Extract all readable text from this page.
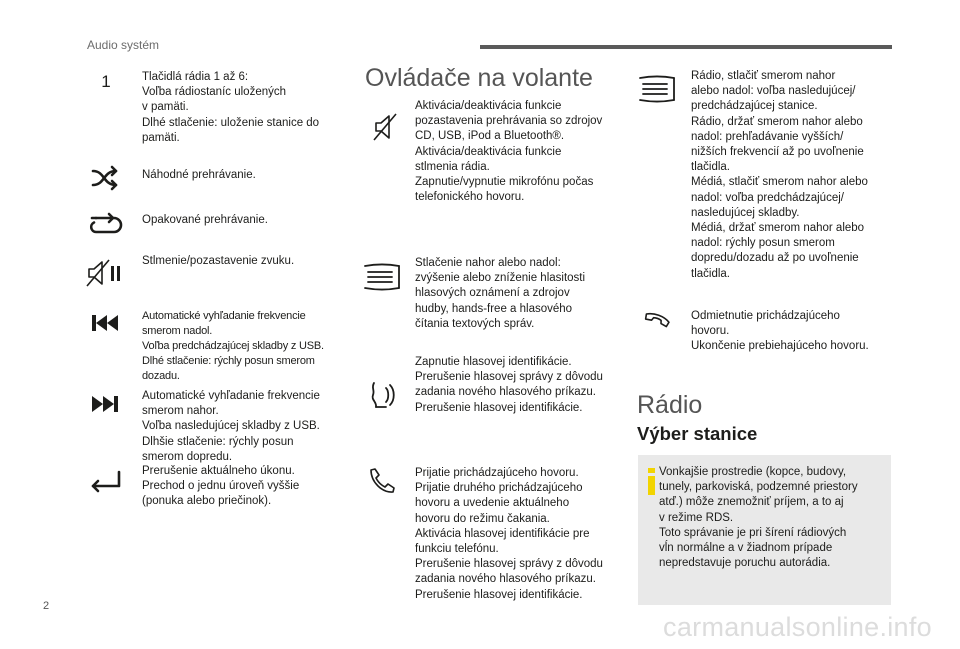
Audio systém
2
carmanualsonline.info
1	Tlačidlá rádia 1 až 6:
Voľba rádiostaníc uložených
v pamäti.
Dlhé stlačenie: uloženie stanice do
pamäti.
Náhodné prehrávanie.
Opakované prehrávanie.
Stlmenie/pozastavenie zvuku.
Automatické vyhľadanie frekvencie
smerom nadol.
Voľba predchádzajúcej skladby z USB.
Dlhé stlačenie: rýchly posun smerom
dozadu.
Automatické vyhľadanie frekvencie
smerom nahor.
Voľba nasledujúcej skladby z USB.
Dlhšie stlačenie: rýchly posun
smerom dopredu.
Prerušenie aktuálneho úkonu.
Prechod o jednu úroveň vyššie
(ponuka alebo priečinok).
Ovládače na volante
Aktivácia/deaktivácia funkcie
pozastavenia prehrávania so zdrojov
CD, USB, iPod a Bluetooth®.
Aktivácia/deaktivácia funkcie
stlmenia rádia.
Zapnutie/vypnutie mikrofónu počas
telefonického hovoru.
Stlačenie nahor alebo nadol:
zvýšenie alebo zníženie hlasitosti
hlasových oznámení a zdrojov
hudby, hands-free a hlasového
čítania textových správ.
Zapnutie hlasovej identifikácie.
Prerušenie hlasovej správy z dôvodu
zadania nového hlasového príkazu.
Prerušenie hlasovej identifikácie.
Prijatie prichádzajúceho hovoru.
Prijatie druhého prichádzajúceho
hovoru a uvedenie aktuálneho
hovoru do režimu čakania.
Aktivácia hlasovej identifikácie pre
funkciu telefónu.
Prerušenie hlasovej správy z dôvodu
zadania nového hlasového príkazu.
Prerušenie hlasovej identifikácie.
Rádio, stlačiť smerom nahor
alebo nadol: voľba nasledujúcej/
predchádzajúcej stanice.
Rádio, držať smerom nahor alebo
nadol: prehľadávanie vyšších/
nižších frekvencií až po uvoľnenie
tlačidla.
Médiá, stlačiť smerom nahor alebo
nadol: voľba predchádzajúcej/
nasledujúcej skladby.
Médiá, držať smerom nahor alebo
nadol: rýchly posun smerom
dopredu/dozadu až po uvoľnenie
tlačidla.
Odmietnutie prichádzajúceho
hovoru.
Ukončenie prebiehajúceho hovoru.
Rádio
Výber stanice
Vonkajšie prostredie (kopce, budovy,
tunely, parkoviská, podzemné priestory
atď.) môže znemožniť príjem, a to aj
v režime RDS.
Toto správanie je pri šírení rádiových
vĺn normálne a v žiadnom prípade
nepredstavuje poruchu autorádia.
